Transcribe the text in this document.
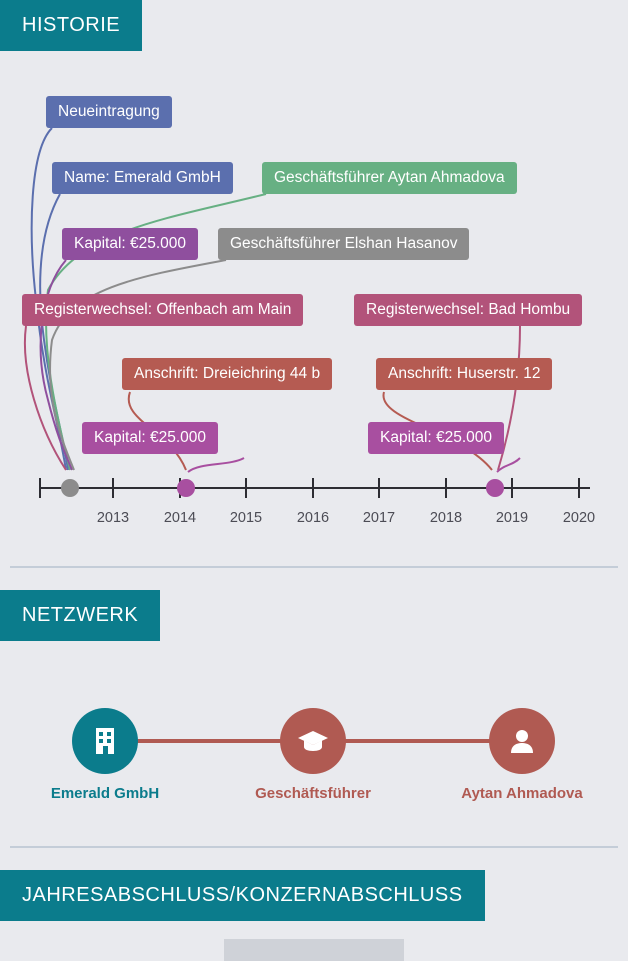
HISTORIE
Neueintragung
Name: Emerald GmbH	Geschäftsführer Aytan Ahmadova
Kapital: €25.000	Geschäftsführer Elshan Hasanov
Registerwechsel: Offenbach am Main	Registerwechsel: Bad Hombu
Anschrift: Dreieichring 44 b	Anschrift: Huserstr. 12
Kapital: €25.000	Kapital: €25.000
2013	2014	2015	2016	2017	2018	2019	2020
NETZWERK
Emerald GmbH	Geschäftsführer	Aytan Ahmadova
JAHRESABSCHLUSS/KONZERNABSCHLUSS
